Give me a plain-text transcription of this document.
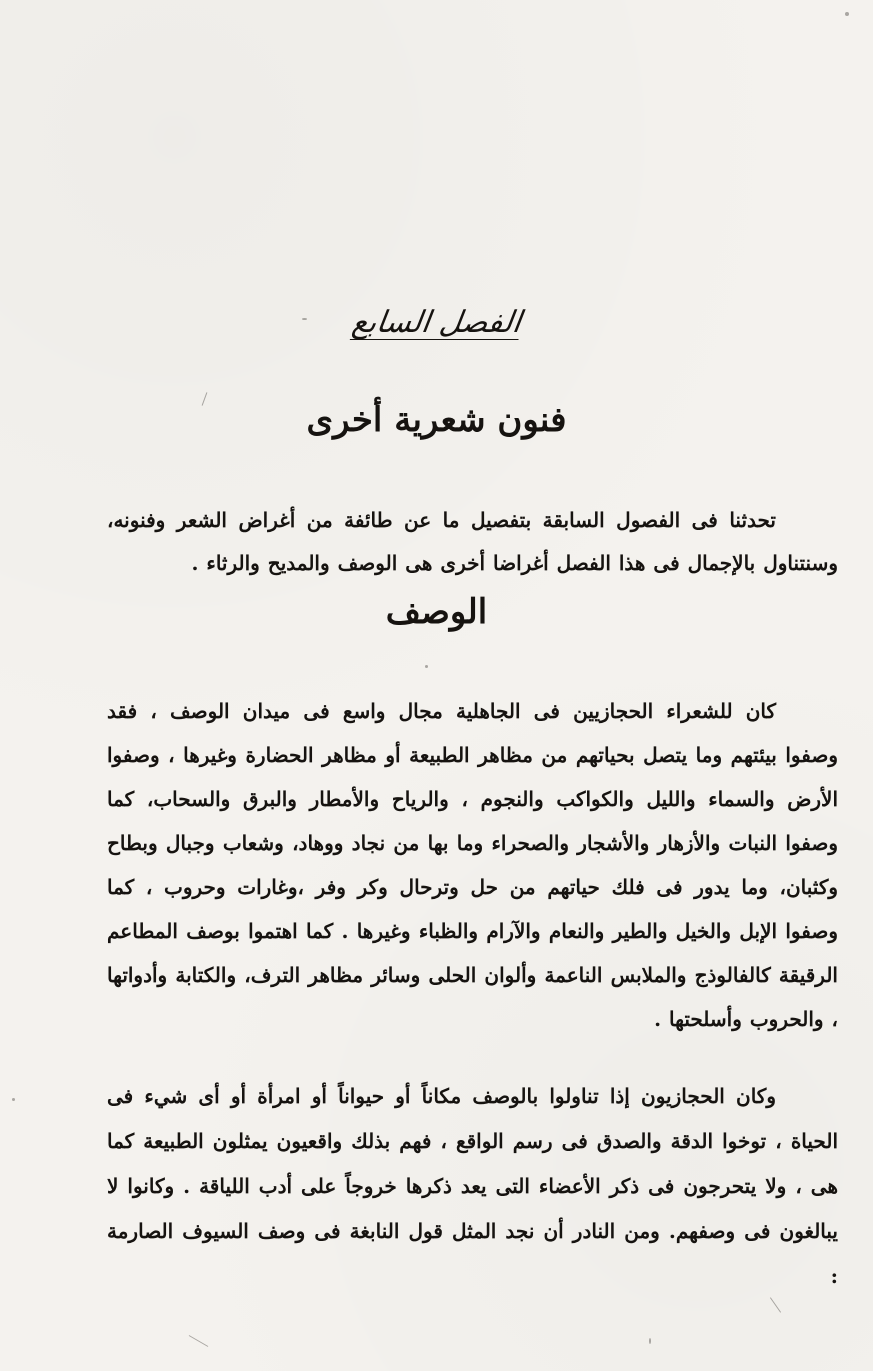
الفصل السابع
فنون شعرية أخرى

تحدثنا فى الفصول السابقة بتفصيل ما عن طائفة من أغراض الشعر وفنونه، وسنتناول بالإجمال فى هذا الفصل أغراضا أخرى هى الوصف والمديح والرثاء .

الوصف

كان للشعراء الحجازيين فى الجاهلية مجال واسع فى ميدان الوصف ، فقد وصفوا بيئتهم وما يتصل بحياتهم من مظاهر الطبيعة أو مظاهر الحضارة وغيرها ، وصفوا الأرض والسماء والليل والكواكب والنجوم ، والرياح والأمطار والبرق والسحاب، كما وصفوا النبات والأزهار والأشجار والصحراء وما بها من نجاد ووهاد، وشعاب وجبال وبطاح وكثبان، وما يدور فى فلك حياتهم من حل وترحال وكر وفر ،وغارات وحروب ، كما وصفوا الإبل والخيل والطير والنعام والآرام والظباء وغيرها . كما اهتموا بوصف المطاعم الرقيقة كالفالوذج والملابس الناعمة وألوان الحلى وسائر مظاهر الترف، والكتابة وأدواتها ، والحروب وأسلحتها .

وكان الحجازيون إذا تناولوا بالوصف مكاناً أو حيواناً أو امرأة أو أى شيء فى الحياة ، توخوا الدقة والصدق فى رسم الواقع ، فهم بذلك واقعيون يمثلون الطبيعة كما هى ، ولا يتحرجون فى ذكر الأعضاء التى يعد ذكرها خروجاً على أدب اللياقة . وكانوا لا يبالغون فى وصفهم. ومن النادر أن نجد المثل قول النابغة فى وصف السيوف الصارمة :
